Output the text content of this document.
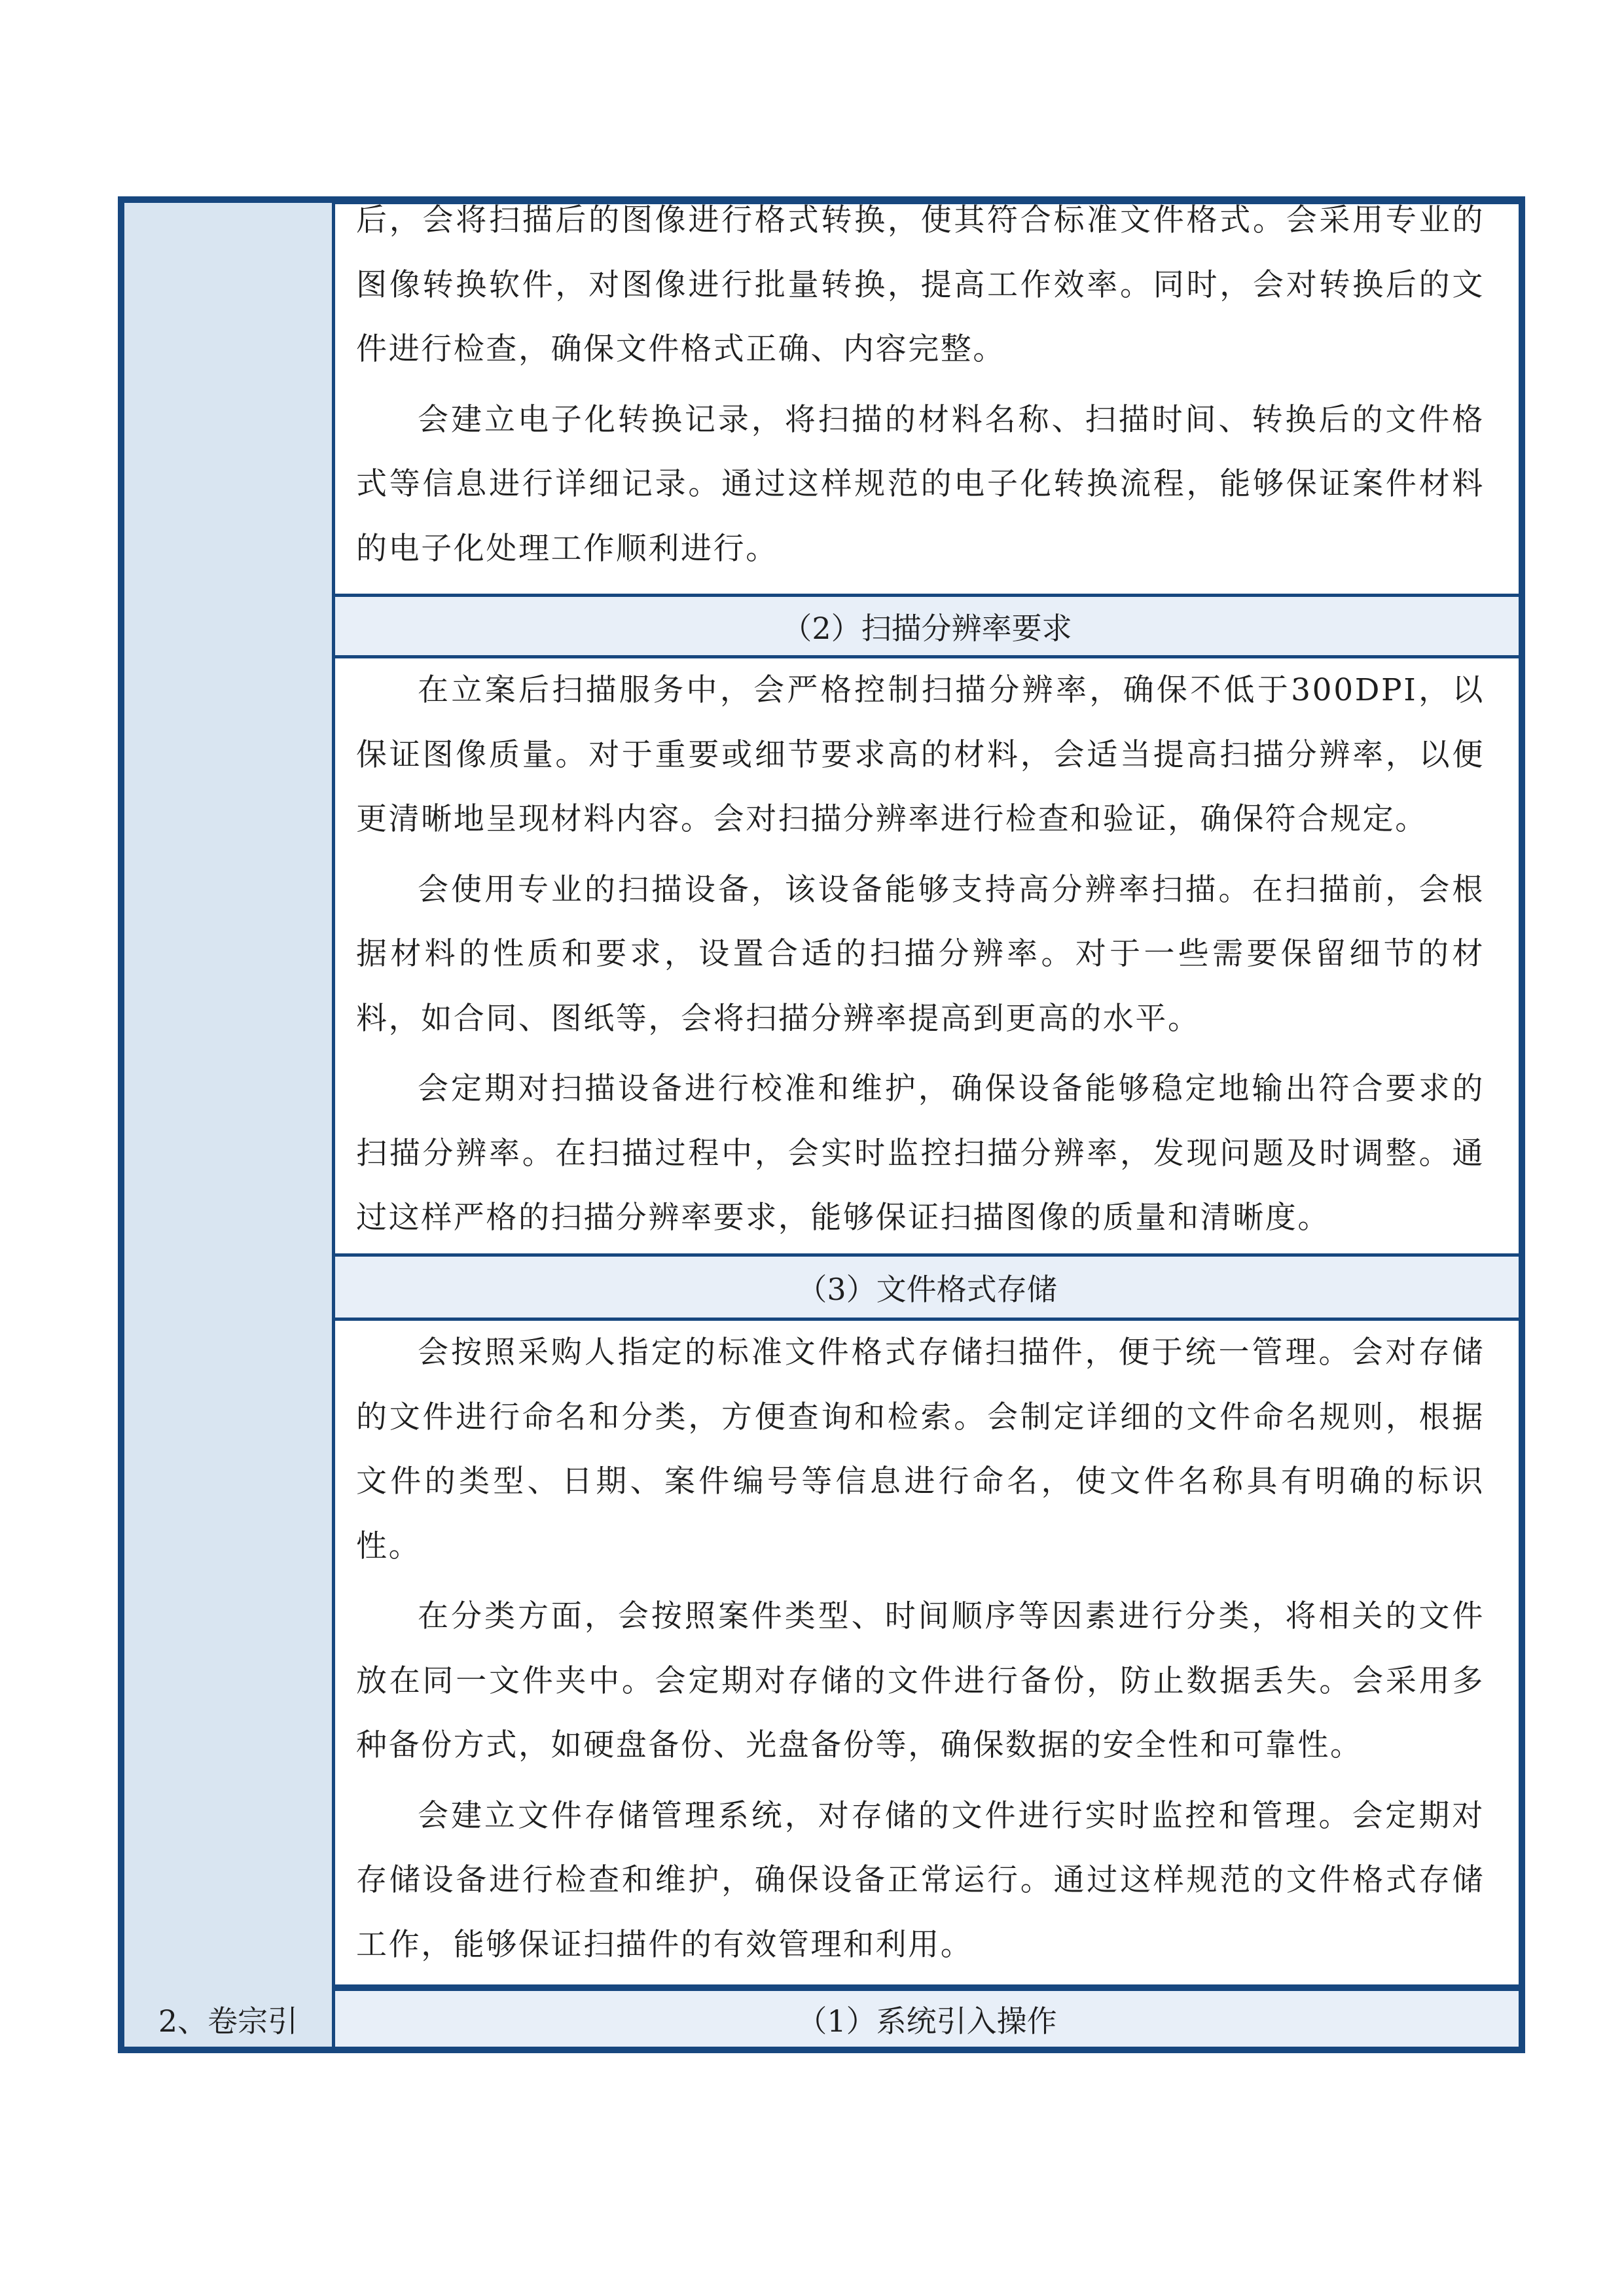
后，会将扫描后的图像进行格式转换，使其符合标准文件格式。会采用专业的图像转换软件，对图像进行批量转换，提高工作效率。同时，会对转换后的文件进行检查，确保文件格式正确、内容完整。

会建立电子化转换记录，将扫描的材料名称、扫描时间、转换后的文件格式等信息进行详细记录。通过这样规范的电子化转换流程，能够保证案件材料的电子化处理工作顺利进行。

（2）扫描分辨率要求

在立案后扫描服务中，会严格控制扫描分辨率，确保不低于300DPI，以保证图像质量。对于重要或细节要求高的材料，会适当提高扫描分辨率，以便更清晰地呈现材料内容。会对扫描分辨率进行检查和验证，确保符合规定。

会使用专业的扫描设备，该设备能够支持高分辨率扫描。在扫描前，会根据材料的性质和要求，设置合适的扫描分辨率。对于一些需要保留细节的材料，如合同、图纸等，会将扫描分辨率提高到更高的水平。

会定期对扫描设备进行校准和维护，确保设备能够稳定地输出符合要求的扫描分辨率。在扫描过程中，会实时监控扫描分辨率，发现问题及时调整。通过这样严格的扫描分辨率要求，能够保证扫描图像的质量和清晰度。

（3）文件格式存储

会按照采购人指定的标准文件格式存储扫描件，便于统一管理。会对存储的文件进行命名和分类，方便查询和检索。会制定详细的文件命名规则，根据文件的类型、日期、案件编号等信息进行命名，使文件名称具有明确的标识性。

在分类方面，会按照案件类型、时间顺序等因素进行分类，将相关的文件放在同一文件夹中。会定期对存储的文件进行备份，防止数据丢失。会采用多种备份方式，如硬盘备份、光盘备份等，确保数据的安全性和可靠性。

会建立文件存储管理系统，对存储的文件进行实时监控和管理。会定期对存储设备进行检查和维护，确保设备正常运行。通过这样规范的文件格式存储工作，能够保证扫描件的有效管理和利用。

2、卷宗引	（1）系统引入操作
